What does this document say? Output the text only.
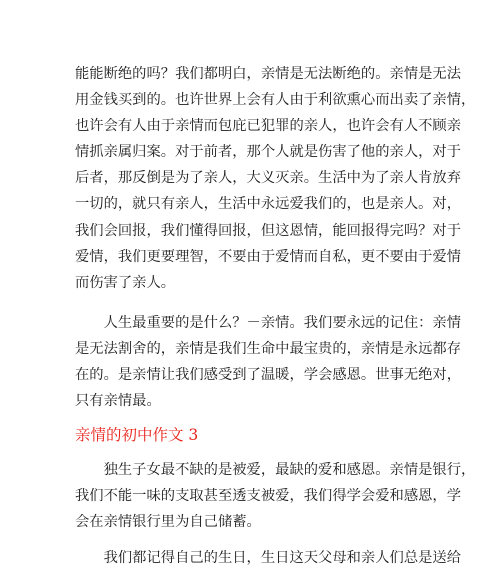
能能断绝的吗？我们都明白，亲情是无法断绝的。亲情是无法
用金钱买到的。也许世界上会有人由于利欲熏心而出卖了亲情，
也许会有人由于亲情而包庇已犯罪的亲人，也许会有人不顾亲
情抓亲属归案。对于前者，那个人就是伤害了他的亲人，对于
后者，那反倒是为了亲人，大义灭亲。生活中为了亲人肯放弃
一切的，就只有亲人，生活中永远爱我们的，也是亲人。对，
我们会回报，我们懂得回报，但这恩情，能回报得完吗？对于
爱情，我们更要理智，不要由于爱情而自私，更不要由于爱情
而伤害了亲人。

　　人生最重要的是什么？－亲情。我们要永远的记住：亲情
是无法割舍的，亲情是我们生命中最宝贵的，亲情是永远都存
在的。是亲情让我们感受到了温暖，学会感恩。世事无绝对，
只有亲情最。

亲情的初中作文 3

　　独生子女最不缺的是被爱，最缺的爱和感恩。亲情是银行，
我们不能一味的支取甚至透支被爱，我们得学会爱和感恩，学
会在亲情银行里为自己储蓄。

　　我们都记得自己的生日，生日这天父母和亲人们总是送给
